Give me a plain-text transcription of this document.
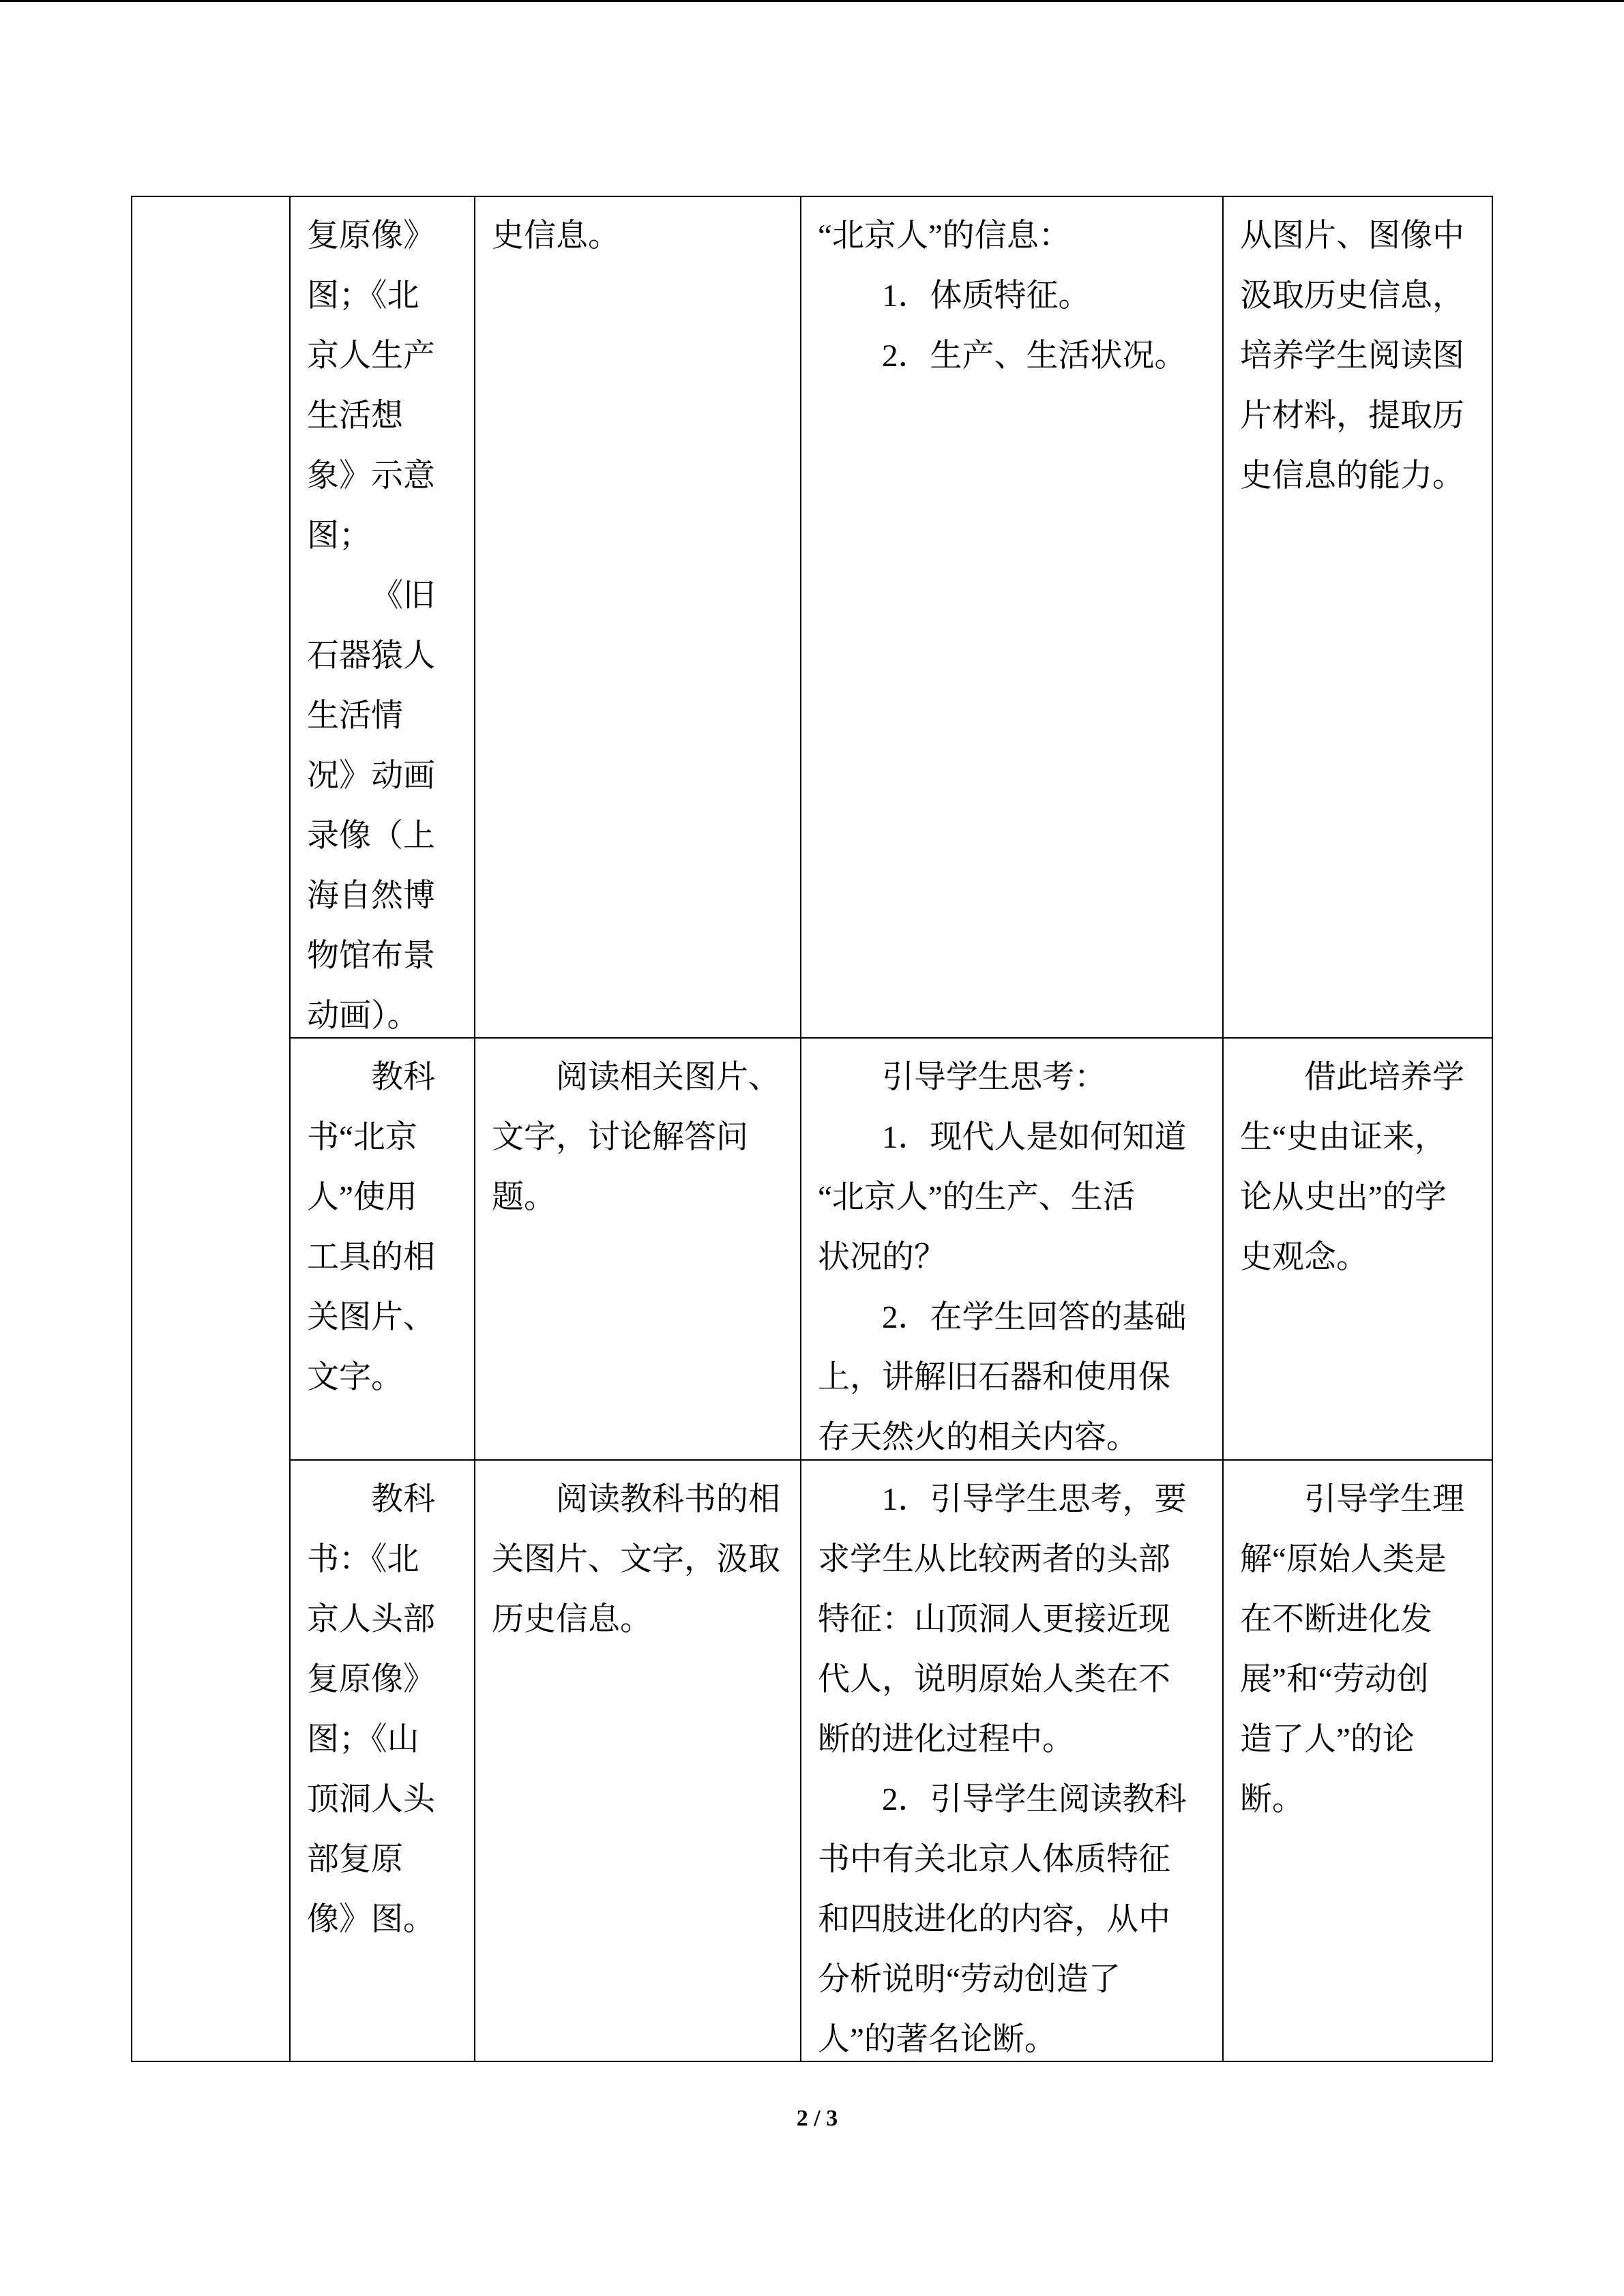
复原像》
图；《北
京人生产
生活想
象》示意
图；
《旧
石器猿人
生活情
况》动画
录像（上
海自然博
物馆布景
动画）。
史信息。	“北京人”的信息：
1．体质特征。
2．生产、生活状况。
从图片、图像中
汲取历史信息，
培养学生阅读图
片材料，提取历
史信息的能力。
教科
书“北京
人”使用
工具的相
关图片、
文字。
阅读相关图片、
文字，讨论解答问
题。
引导学生思考：
1．现代人是如何知道
“北京人”的生产、生活
状况的？
2．在学生回答的基础
上，讲解旧石器和使用保
存天然火的相关内容。
借此培养学
生“史由证来，
论从史出”的学
史观念。
教科
书：《北
京人头部
复原像》
图；《山
顶洞人头
部复原
像》图。
阅读教科书的相
关图片、文字，汲取
历史信息。
1．引导学生思考，要
求学生从比较两者的头部
特征：山顶洞人更接近现
代人，说明原始人类在不
断的进化过程中。
2．引导学生阅读教科
书中有关北京人体质特征
和四肢进化的内容，从中
分析说明“劳动创造了
人”的著名论断。
引导学生理
解“原始人类是
在不断进化发
展”和“劳动创
造了人”的论
断。
2 / 3
